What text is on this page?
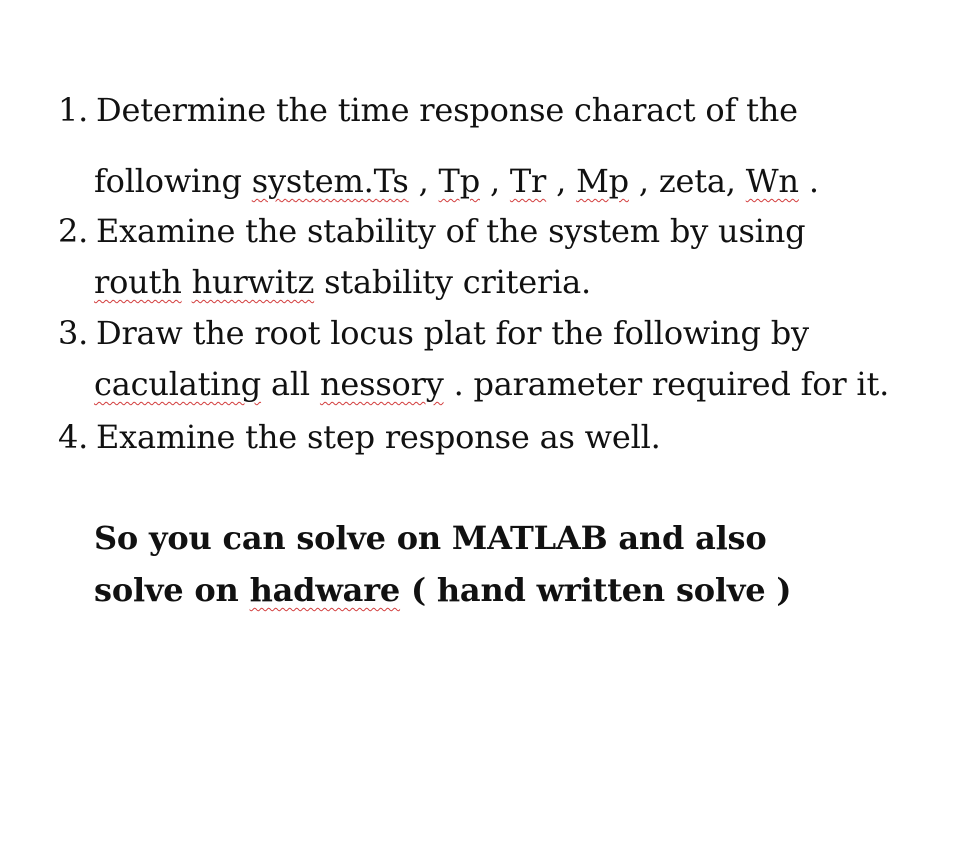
1. Determine the time response charact of the
following system.Ts , Tp , Tr , Mp , zeta, Wn .
2. Examine the stability of the system by using
routh hurwitz stability criteria.
3. Draw the root locus plat for the following by
caculating all nessory . parameter required for it.
4. Examine the step response as well.
So you can solve on MATLAB and also
solve on hadware ( hand written solve )
